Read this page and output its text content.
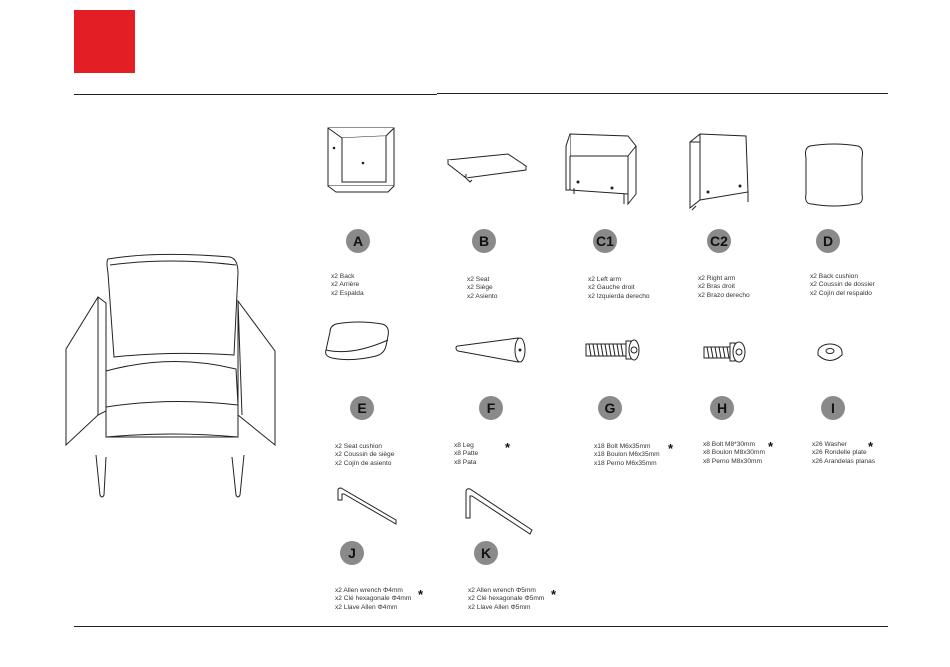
A
x2 Back
x2 Arrière
x2 Espalda
B
x2 Seat
x2 Siège
x2 Asiento
C1
x2 Left arm
x2 Gauche droit
x2 Izquierda derecho
C2
x2 Right arm
x2 Bras droit
x2 Brazo derecho
D
x2 Back cushion
x2 Coussin de dossier
x2 Cojín del respaldo
E
x2 Seat cushion
x2 Coussin de siège
x2 Cojín de asiento
F
x8 Leg
x8 Patte
x8 Pata
*
G
x18 Bolt M6x35mm
x18 Boulon M6x35mm
x18 Perno M6x35mm
*
H
x8 Bolt M8*30mm
x8 Boulon M8x30mm
x8 Perno M8x30mm
*
I
x26 Washer
x26 Rondelle plate
x26 Arandelas planas
*
J
x2 Allen wrench Φ4mm
x2 Clé hexagonale Φ4mm
x2 Llave Allen Φ4mm
*
K
x2 Allen wrench Φ5mm
x2 Clé hexagonale Φ5mm
x2 Llave Allen Φ5mm
*
